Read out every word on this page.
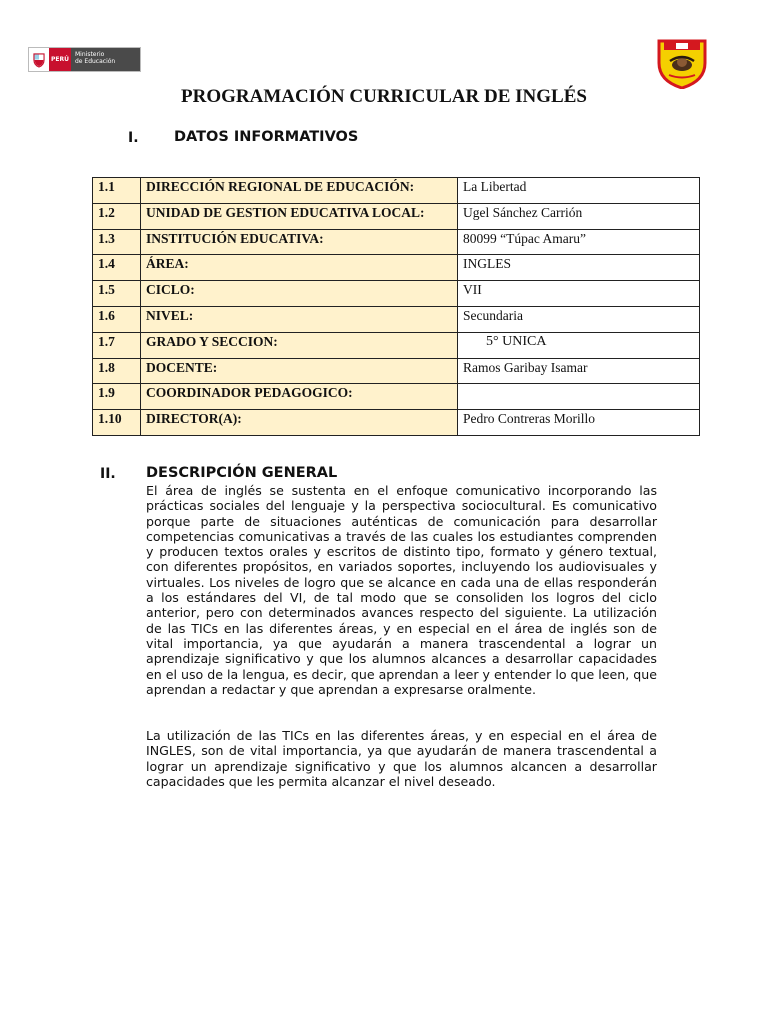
PERÚ
Ministerio
de Educación
PROGRAMACIÓN CURRICULAR DE INGLÉS
I. DATOS INFORMATIVOS
1.1	DIRECCIÓN REGIONAL DE EDUCACIÓN:	La Libertad
1.2	UNIDAD DE GESTION EDUCATIVA LOCAL:	Ugel Sánchez Carrión
1.3	INSTITUCIÓN EDUCATIVA:	80099 “Túpac Amaru”
1.4	ÁREA:	INGLES
1.5	CICLO:	VII
1.6	NIVEL:	Secundaria
1.7	GRADO Y SECCION:	5° UNICA
1.8	DOCENTE:	Ramos Garibay Isamar
1.9	COORDINADOR PEDAGOGICO:	
1.10	DIRECTOR(A):	Pedro Contreras Morillo
II. DESCRIPCIÓN GENERAL

El área de inglés se sustenta en el enfoque comunicativo incorporando las prácticas sociales del lenguaje y la perspectiva sociocultural. Es comunicativo porque parte de situaciones auténticas de comunicación para desarrollar competencias comunicativas a través de las cuales los estudiantes comprenden y producen textos orales y escritos de distinto tipo, formato y género textual, con diferentes propósitos, en variados soportes, incluyendo los audiovisuales y virtuales. Los niveles de logro que se alcance en cada una de ellas responderán a los estándares del VI, de tal modo que se consoliden los logros del ciclo anterior, pero con determinados avances respecto del siguiente. La utilización de las TICs en las diferentes áreas, y en especial en el área de inglés son de vital importancia, ya que ayudarán a manera trascendental a lograr un aprendizaje significativo y que los alumnos alcances a desarrollar capacidades en el uso de la lengua, es decir, que aprendan a leer y entender lo que leen, que aprendan a redactar y que aprendan a expresarse oralmente.

La utilización de las TICs en las diferentes áreas, y en especial en el área de INGLES, son de vital importancia, ya que ayudarán de manera trascendental a lograr un aprendizaje significativo y que los alumnos alcancen a desarrollar capacidades que les permita alcanzar el nivel deseado.
